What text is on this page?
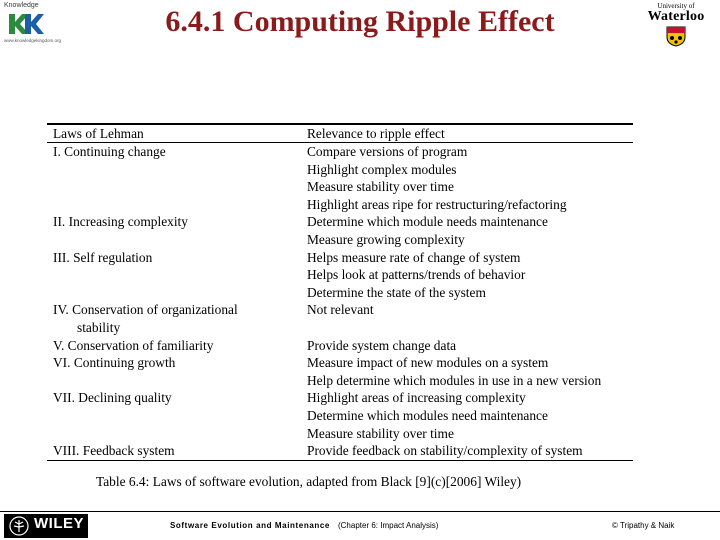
Knowledge
www.knowledgekingdom.org
6.4.1 Computing Ripple Effect	University of
Waterloo
Laws of Lehman	Relevance to ripple effect
I. Continuing change	Compare versions of program
	Highlight complex modules
	Measure stability over time
	Highlight areas ripe for restructuring/refactoring
II. Increasing complexity	Determine which module needs maintenance
	Measure growing complexity
III. Self regulation	Helps measure rate of change of system
	Helps look at patterns/trends of behavior
	Determine the state of the system
IV. Conservation of organizational	Not relevant
stability	
V. Conservation of familiarity	Provide system change data
VI. Continuing growth	Measure impact of new modules on a system
	Help determine which modules in use in a new version
VII. Declining quality	Highlight areas of increasing complexity
	Determine which modules need maintenance
	Measure stability over time
VIII. Feedback system	Provide feedback on stability/complexity of system
Table 6.4: Laws of software evolution, adapted from Black [9](c)[2006] Wiley)
WILEY	Software Evolution and Maintenance (Chapter 6: Impact Analysis)	© Tripathy & Naik
